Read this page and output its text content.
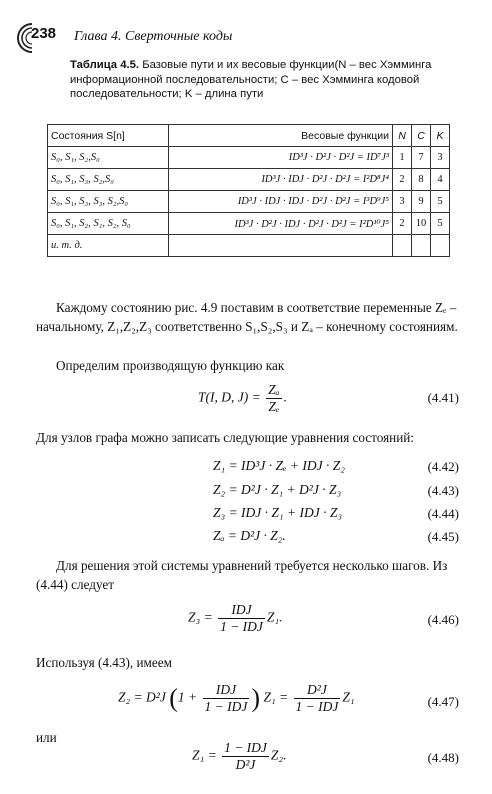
238 Глава 4. Сверточные коды
Таблица 4.5. Базовые пути и их весовые функции(N – вес Хэмминга информационной последовательности; C – вес Хэмминга кодовой последовательности; K – длина пути
Состояния S[n]	Весовые функции	N	C	K
S₀, S₁, S₂,S₀	ID³J · D²J · D²J = ID⁷J³	1	7	3
S₀, S₁, S₃, S₂,S₀	ID³J · IDJ · D²J · D²J = I²D⁸J⁴	2	8	4
S₀, S₁, S₃, S₃, S₂,S₀	ID³J · IDJ · IDJ · D²J · D²J = I³D⁹J⁵	3	9	5
S₀, S₁, S₂, S₁, S₂, S₀	ID³J · D²J · IDJ · D²J · D²J = I²D¹⁰J⁵	2	10	5
и. т. д.				
Каждому состоянию рис. 4.9 поставим в соответствие переменные Zₑ – начальному, Z₁,Z₂,Z₃ соответственно S₁,S₂,S₃ и Zₐ – конечному состояниям.
Определим производящую функцию как
T(I, D, $J) = \frac{\text{Zₐ}}{\text{Zₑ}}$ .	(4.41)
Для узлов графа можно записать следующие уравнения состояний:
Z₁ = ID³J · Zₑ + IDJ · Z₂	(4.42)
Z₂ = D²J · Z₁ + D²J · Z₃	(4.43)
Z₃ = IDJ · Z₁ + IDJ · Z₃	(4.44)
Zₐ = D²J · Z₂.	(4.45)
Для решения этой системы уравнений требуется несколько шагов. Из (4.44) следует
$Z_3 = \frac{\text{IDJ}}{\text{1 − IDJ}} Z_1$.	(4.46)
Используя (4.43), имеем
Z₂ = D²J ($1 + \frac{\text{IDJ}}{\text{1 − IDJ}}$ ) $Z_1 = \frac{\text{D²J}}{\text{1 − IDJ}} Z_1$	(4.47)
или
$Z_1 = \frac{\text{1 − IDJ}}{\text{D²J}} Z_2$.	(4.48)
